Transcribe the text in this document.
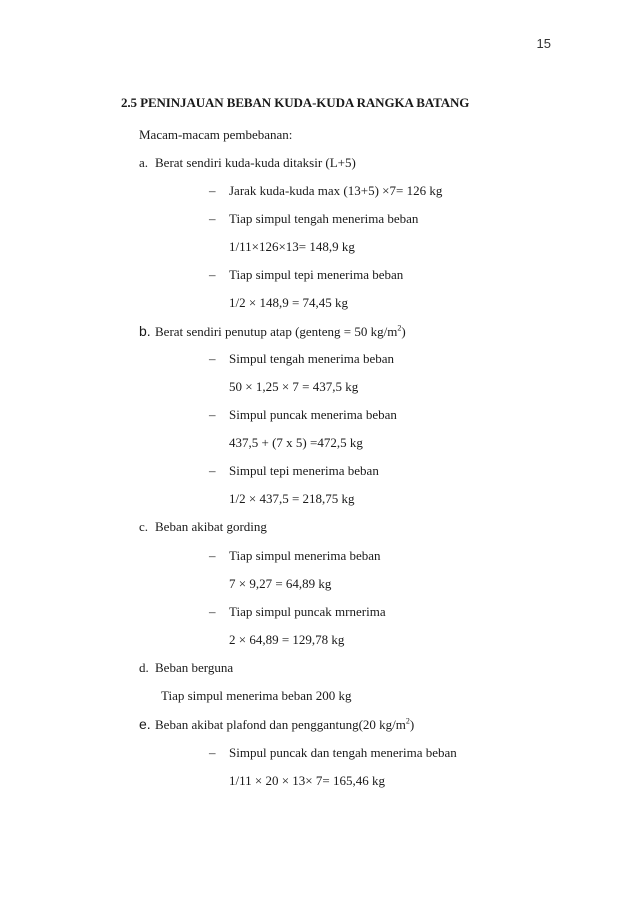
15
2.5 PENINJAUAN BEBAN KUDA-KUDA RANGKA BATANG
Macam-macam pembebanan:
a. Berat sendiri kuda-kuda ditaksir (L+5)
– Jarak kuda-kuda max (13+5) ×7= 126 kg
– Tiap simpul tengah menerima beban
1/11×126×13= 148,9 kg
– Tiap simpul tepi menerima beban
1/2 × 148,9 = 74,45 kg
b. Berat sendiri penutup atap (genteng = 50 $kg/m^2$)
– Simpul tengah menerima beban
50 × 1,25 × 7 = 437,5 kg
– Simpul puncak menerima beban
437,5 + (7 x 5) =472,5 kg
– Simpul tepi menerima beban
1/2 × 437,5 = 218,75 kg
c. Beban akibat gording
– Tiap simpul menerima beban
7 × 9,27 = 64,89 kg
– Tiap simpul puncak mrnerima
2 × 64,89 = 129,78 kg
d. Beban berguna
Tiap simpul menerima beban 200 kg
e. Beban akibat plafond dan penggantung(20 $kg/m^2$)
– Simpul puncak dan tengah menerima beban
1/11 × 20 × 13× 7= 165,46 kg
